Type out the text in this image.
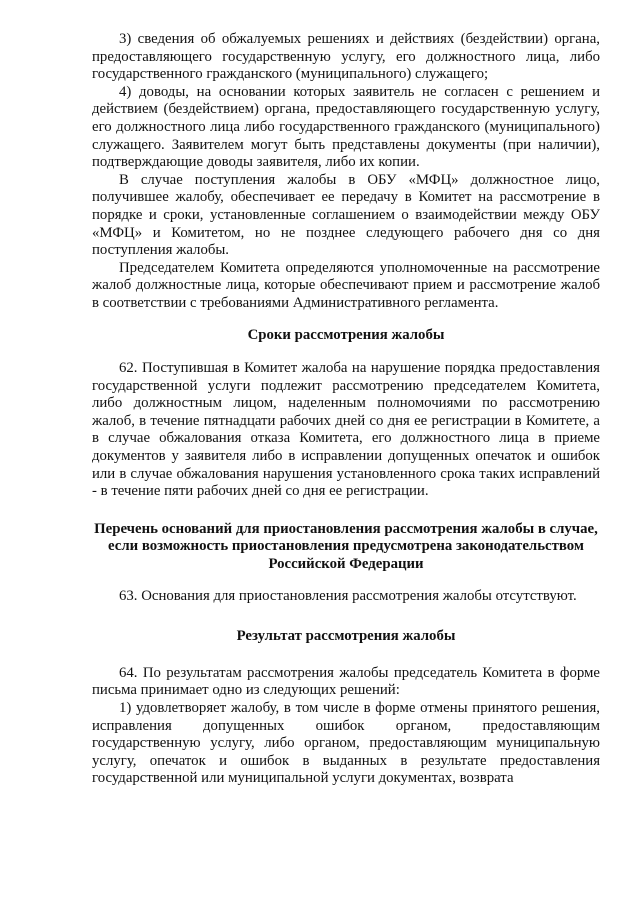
3) сведения об обжалуемых решениях и действиях (бездействии) органа, предоставляющего государственную услугу, его должностного лица, либо государственного гражданского (муниципального) служащего;

4) доводы, на основании которых заявитель не согласен с решением и действием (бездействием) органа, предоставляющего государственную услугу, его должностного лица либо государственного гражданского (муниципального) служащего. Заявителем могут быть представлены документы (при наличии), подтверждающие доводы заявителя, либо их копии.

В случае поступления жалобы в ОБУ «МФЦ» должностное лицо, получившее жалобу, обеспечивает ее передачу в Комитет на рассмотрение в порядке и сроки, установленные соглашением о взаимодействии между ОБУ «МФЦ» и Комитетом, но не позднее следующего рабочего дня со дня поступления жалобы.

Председателем Комитета определяются уполномоченные на рассмотрение жалоб должностные лица, которые обеспечивают прием и рассмотрение жалоб в соответствии с требованиями Административного регламента.

Сроки рассмотрения жалобы

62. Поступившая в Комитет жалоба на нарушение порядка предоставления государственной услуги подлежит рассмотрению председателем Комитета, либо должностным лицом, наделенным полномочиями по рассмотрению жалоб, в течение пятнадцати рабочих дней со дня ее регистрации в Комитете, а в случае обжалования отказа Комитета, его должностного лица в приеме документов у заявителя либо в исправлении допущенных опечаток и ошибок или в случае обжалования нарушения установленного срока таких исправлений - в течение пяти рабочих дней со дня ее регистрации.

Перечень оснований для приостановления рассмотрения жалобы в случае, если возможность приостановления предусмотрена законодательством Российской Федерации

63. Основания для приостановления рассмотрения жалобы отсутствуют.

Результат рассмотрения жалобы

64. По результатам рассмотрения жалобы председатель Комитета в форме письма принимает одно из следующих решений:

1) удовлетворяет жалобу, в том числе в форме отмены принятого решения, исправления допущенных ошибок органом, предоставляющим государственную услугу, либо органом, предоставляющим муниципальную услугу, опечаток и ошибок в выданных в результате предоставления государственной или муниципальной услуги документах, возврата
